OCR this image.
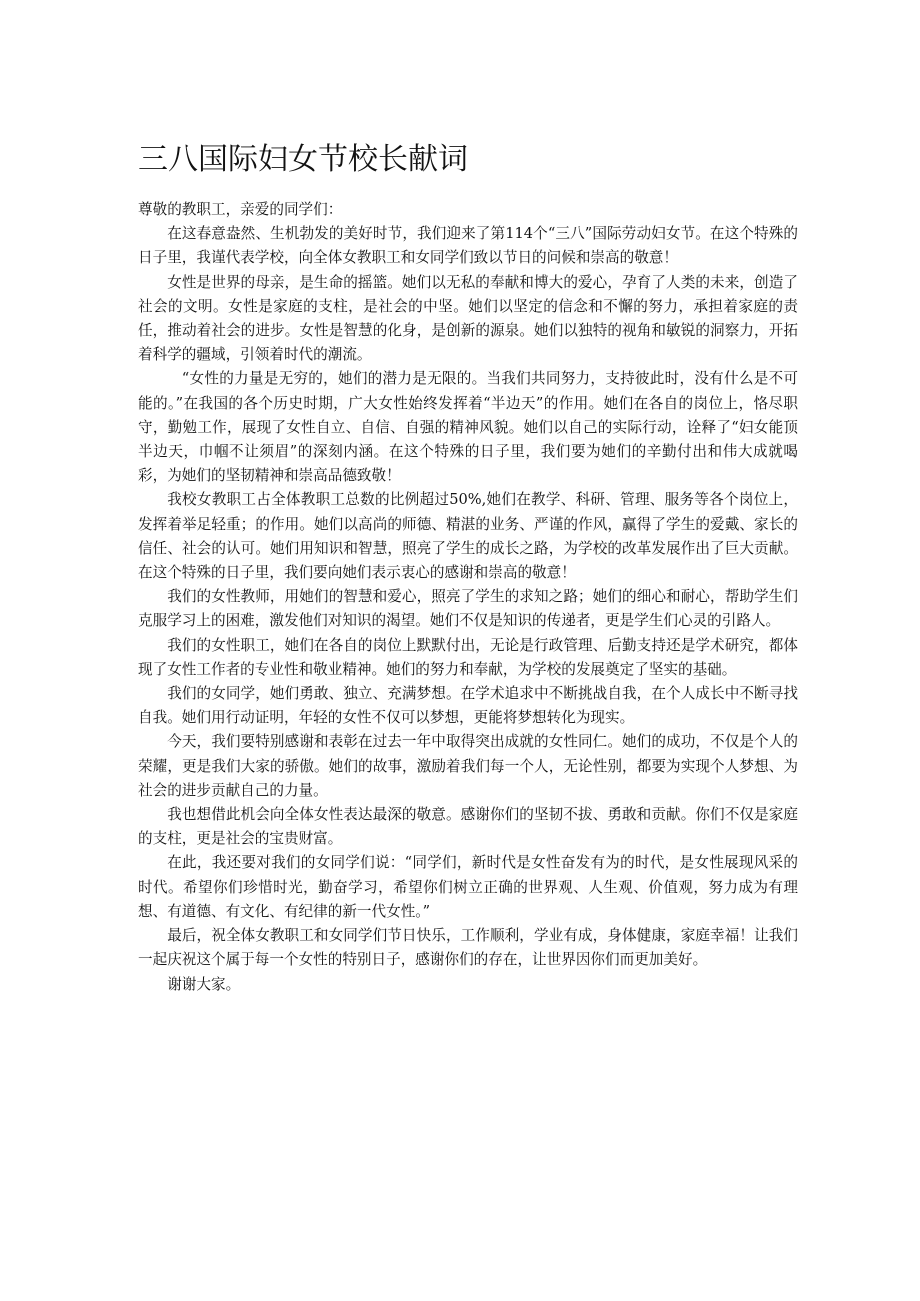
三八国际妇女节校长献词

尊敬的教职工，亲爱的同学们：

在这春意盎然、生机勃发的美好时节，我们迎来了第114个“三八”国际劳动妇女节。在这个特殊的日子里，我谨代表学校，向全体女教职工和女同学们致以节日的问候和崇高的敬意！

女性是世界的母亲，是生命的摇篮。她们以无私的奉献和博大的爱心，孕育了人类的未来，创造了社会的文明。女性是家庭的支柱，是社会的中坚。她们以坚定的信念和不懈的努力，承担着家庭的责任，推动着社会的进步。女性是智慧的化身，是创新的源泉。她们以独特的视角和敏锐的洞察力，开拓着科学的疆域，引领着时代的潮流。

“女性的力量是无穷的，她们的潜力是无限的。当我们共同努力，支持彼此时，没有什么是不可能的。”在我国的各个历史时期，广大女性始终发挥着“半边天”的作用。她们在各自的岗位上，恪尽职守，勤勉工作，展现了女性自立、自信、自强的精神风貌。她们以自己的实际行动，诠释了“妇女能顶半边天，巾帼不让须眉”的深刻内涵。在这个特殊的日子里，我们要为她们的辛勤付出和伟大成就喝彩，为她们的坚韧精神和崇高品德致敬！

我校女教职工占全体教职工总数的比例超过50%,她们在教学、科研、管理、服务等各个岗位上，发挥着举足轻重；的作用。她们以高尚的师德、精湛的业务、严谨的作风，赢得了学生的爱戴、家长的信任、社会的认可。她们用知识和智慧，照亮了学生的成长之路，为学校的改革发展作出了巨大贡献。在这个特殊的日子里，我们要向她们表示衷心的感谢和崇高的敬意！

我们的女性教师，用她们的智慧和爱心，照亮了学生的求知之路；她们的细心和耐心，帮助学生们克服学习上的困难，激发他们对知识的渴望。她们不仅是知识的传递者，更是学生们心灵的引路人。

我们的女性职工，她们在各自的岗位上默默付出，无论是行政管理、后勤支持还是学术研究，都体现了女性工作者的专业性和敬业精神。她们的努力和奉献，为学校的发展奠定了坚实的基础。

我们的女同学，她们勇敢、独立、充满梦想。在学术追求中不断挑战自我，在个人成长中不断寻找自我。她们用行动证明，年轻的女性不仅可以梦想，更能将梦想转化为现实。

今天，我们要特别感谢和表彰在过去一年中取得突出成就的女性同仁。她们的成功，不仅是个人的荣耀，更是我们大家的骄傲。她们的故事，激励着我们每一个人，无论性别，都要为实现个人梦想、为社会的进步贡献自己的力量。

我也想借此机会向全体女性表达最深的敬意。感谢你们的坚韧不拔、勇敢和贡献。你们不仅是家庭的支柱，更是社会的宝贵财富。

在此，我还要对我们的女同学们说：“同学们，新时代是女性奋发有为的时代，是女性展现风采的时代。希望你们珍惜时光，勤奋学习，希望你们树立正确的世界观、人生观、价值观，努力成为有理想、有道德、有文化、有纪律的新一代女性。”

最后，祝全体女教职工和女同学们节日快乐，工作顺利，学业有成，身体健康，家庭幸福！让我们一起庆祝这个属于每一个女性的特别日子，感谢你们的存在，让世界因你们而更加美好。

谢谢大家。
